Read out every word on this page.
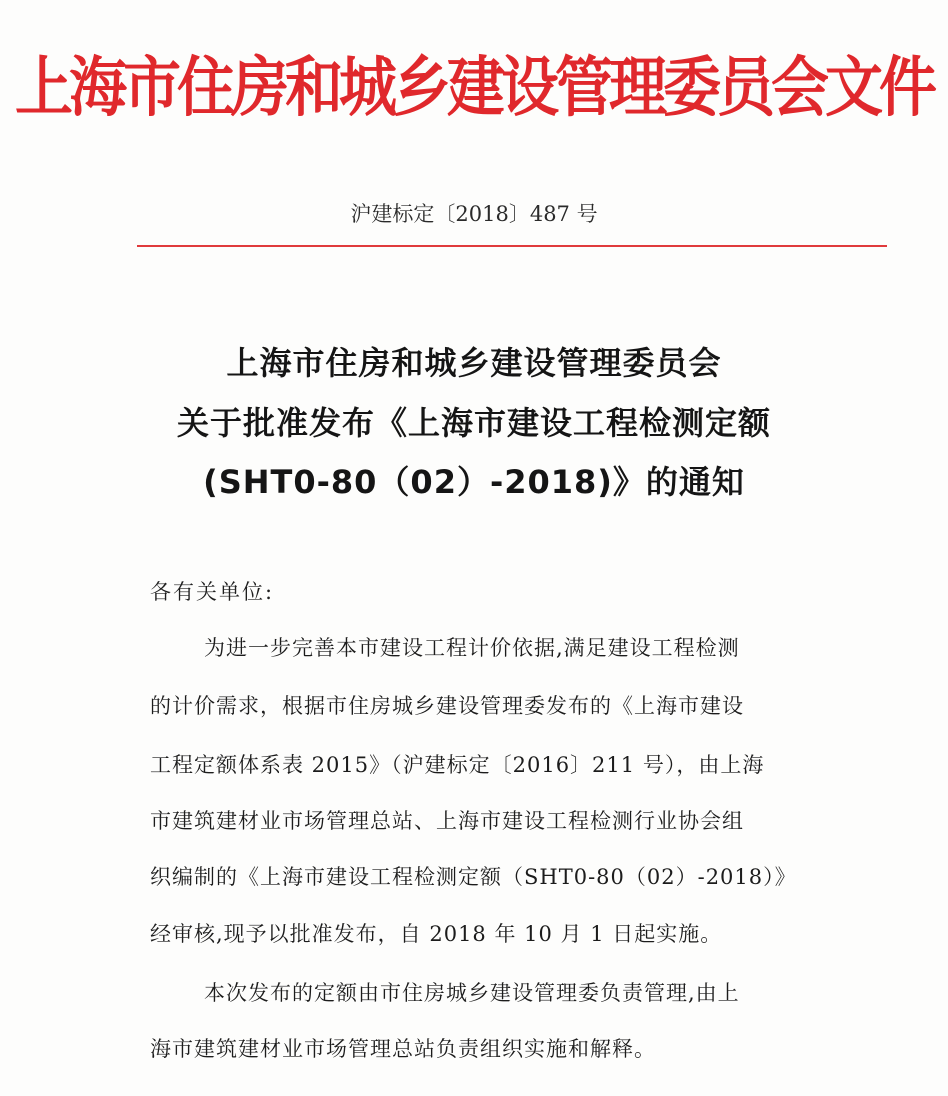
上海市住房和城乡建设管理委员会文件
沪建标定〔2018〕487 号
上海市住房和城乡建设管理委员会
关于批准发布《上海市建设工程检测定额
(SHT0-80（02）-2018)》的通知
各有关单位:
为进一步完善本市建设工程计价依据,满足建设工程检测
的计价需求，根据市住房城乡建设管理委发布的《上海市建设
工程定额体系表 2015》（沪建标定〔2016〕211 号），由上海
市建筑建材业市场管理总站、上海市建设工程检测行业协会组
织编制的《上海市建设工程检测定额（SHT0-80（02）-2018）》
经审核,现予以批准发布，自 2018 年 10 月 1 日起实施。
本次发布的定额由市住房城乡建设管理委负责管理,由上
海市建筑建材业市场管理总站负责组织实施和解释。
